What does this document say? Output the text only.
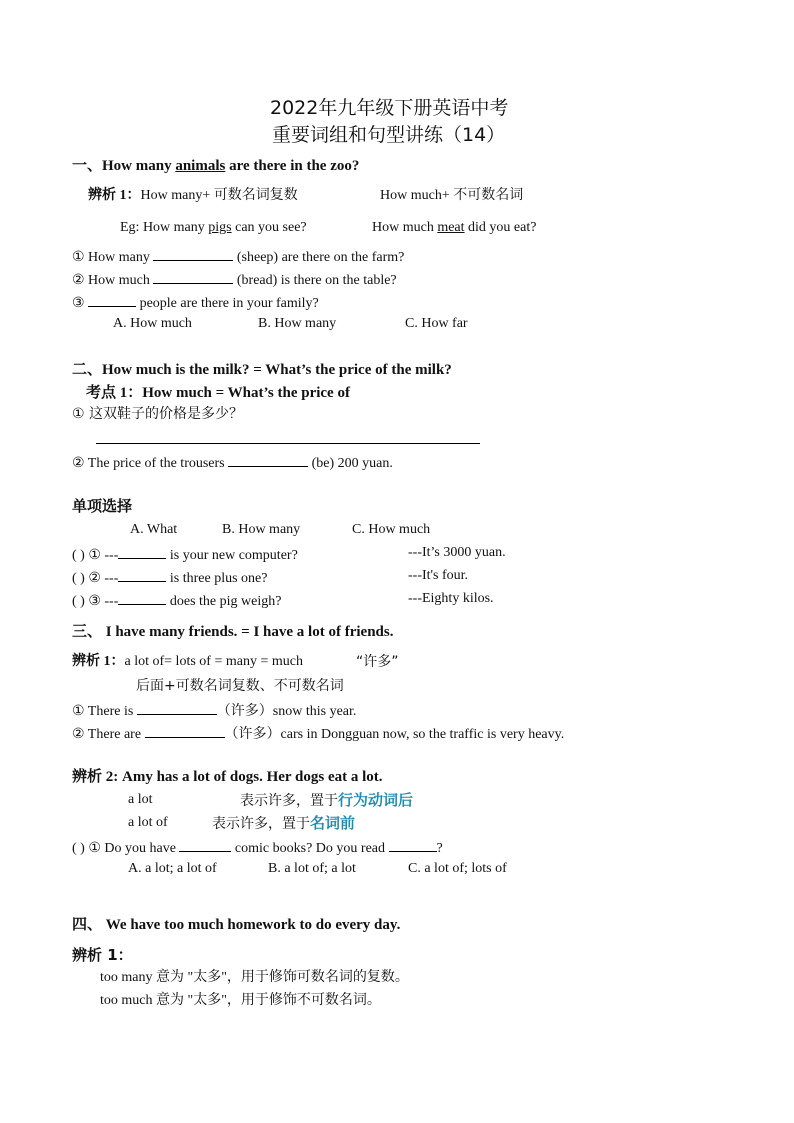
2022年九年级下册英语中考
重要词组和句型讲练（14）
一、How many animals are there in the zoo?
辨析 1：How many+ 可数名词复数	How much+ 不可数名词
Eg: How many pigs can you see?	How much meat did you eat?
① How many	(sheep) are there on the farm?
② How much	(bread) is there on the table?
③	people are there in your family?
A. How much	B. How many	C. How far
二、How much is the milk? = What’s the price of the milk?
考点 1：How much = What’s the price of
① 这双鞋子的价格是多少？
② The price of the trousers	(be) 200 yuan.
单项选择
A. What	B. How many	C. How much
( ) ① ---	is your new computer?	---It’s 3000 yuan.
( ) ② ---	is three plus one?	---It's four.
( ) ③ ---	does the pig weigh?	---Eighty kilos.
三、 I have many friends. = I have a lot of friends.
辨析 1：a lot of= lots of = many = much	“许多”
后面+可数名词复数、不可数名词
① There is	（许多）snow this year.
② There are	（许多）cars in Dongguan now, so the traffic is very heavy.
辨析 2: Amy has a lot of dogs. Her dogs eat a lot.
a lot	表示许多，置于行为动词后
a lot of	表示许多，置于名词前
( ) ① Do you have	comic books? Do you read	?
A. a lot; a lot of	B. a lot of; a lot	C. a lot of; lots of
四、 We have too much homework to do every day.
辨析 1：
too many 意为 "太多"，用于修饰可数名词的复数。
too much 意为 "太多"，用于修饰不可数名词。
